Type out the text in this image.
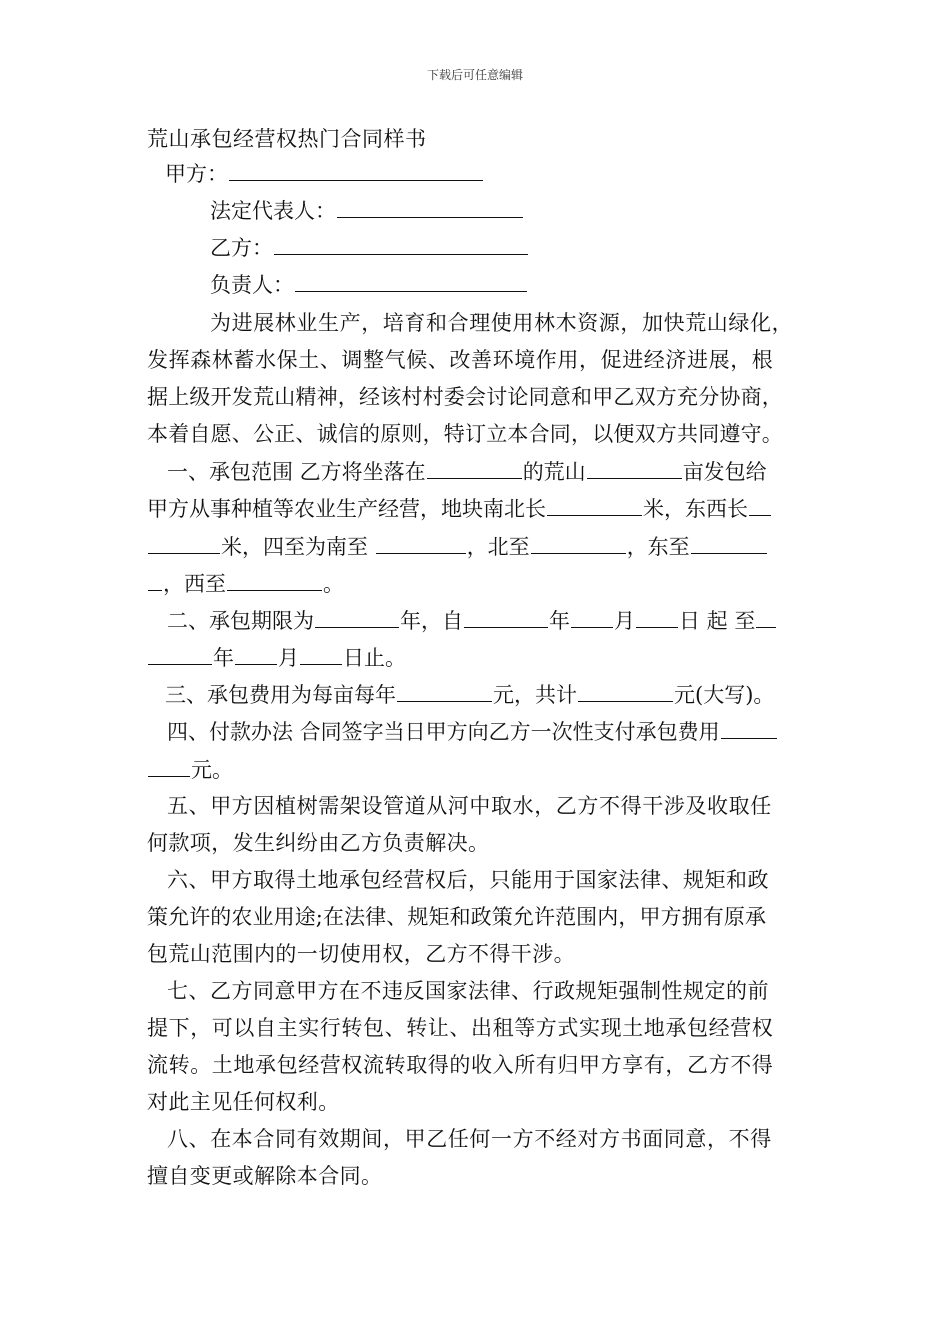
下载后可任意编辑
荒山承包经营权热门合同样书
甲方：
法定代表人：
乙方：
负责人：
为进展林业生产，培育和合理使用林木资源，加快荒山绿化，
发挥森林蓄水保土、调整气候、改善环境作用，促进经济进展，根
据上级开发荒山精神，经该村村委会讨论同意和甲乙双方充分协商，
本着自愿、公正、诚信的原则，特订立本合同，以便双方共同遵守。
一、承包范围 乙方将坐落在	的荒山	亩发包给
甲方从事种植等农业生产经营，地块南北长	米，东西长
米，四至为南至	，北至	，东至
，西至	。
二、承包期限为	年，自	年 月 日 起 至
年 月 日止。
三、承包费用为每亩每年	元，共计	元(大写)。
四、付款办法 合同签字当日甲方向乙方一次性支付承包费用
元。
五、甲方因植树需架设管道从河中取水，乙方不得干涉及收取任
何款项，发生纠纷由乙方负责解决。
六、甲方取得土地承包经营权后，只能用于国家法律、规矩和政
策允许的农业用途;在法律、规矩和政策允许范围内，甲方拥有原承
包荒山范围内的一切使用权，乙方不得干涉。
七、乙方同意甲方在不违反国家法律、行政规矩强制性规定的前
提下，可以自主实行转包、转让、出租等方式实现土地承包经营权
流转。土地承包经营权流转取得的收入所有归甲方享有，乙方不得
对此主见任何权利。
八、在本合同有效期间，甲乙任何一方不经对方书面同意，不得
擅自变更或解除本合同。
